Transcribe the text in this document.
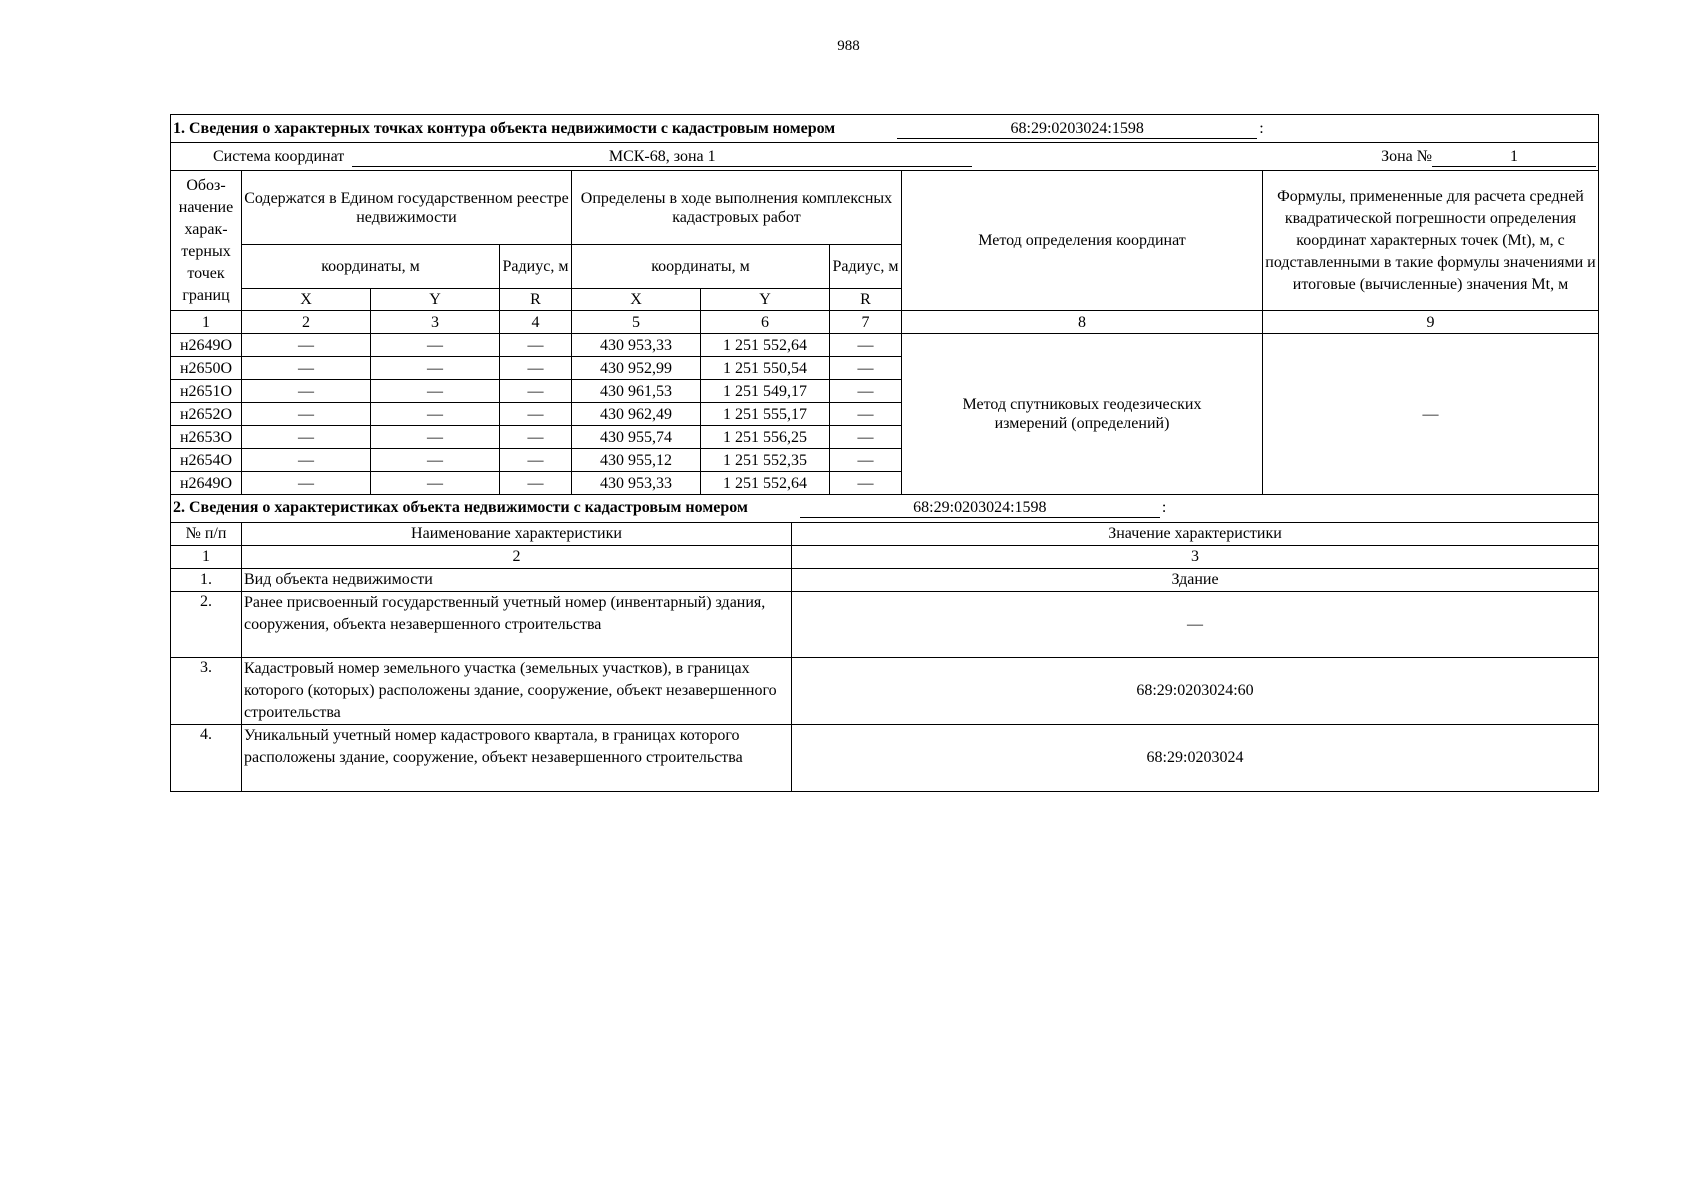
988
1. Сведения о характерных точках контура объекта недвижимости с кадастровым номером 68:29:0203024:1598 :								
Система координат МСК-68, зона 1 Зона № 1								

Обоз-начение харак-терных точек границ	Содержатся в Едином государственном реестре недвижимости			Определены в ходе выполнения комплексных кадастровых работ			Метод определения координат	Формулы, примененные для расчета средней квадратической погрешности определения координат характерных точек (Mt), м, с подставленными в такие формулы значениями и итоговые (вычисленные) значения Mt, м
	координаты, м		Радиус, м	координаты, м		Радиус, м		
	X	Y	R	X	Y	R		
1	2	3	4	5	6	7	8	9
н2649О	—	—	—	430 953,33	1 251 552,64	—	Метод спутниковых геодезических измерений (определений)	—
н2650О	—	—	—	430 952,99	1 251 550,54	—		
н2651О	—	—	—	430 961,53	1 251 549,17	—		
н2652О	—	—	—	430 962,49	1 251 555,17	—		
н2653О	—	—	—	430 955,74	1 251 556,25	—		
н2654О	—	—	—	430 955,12	1 251 552,35	—		
н2649О	—	—	—	430 953,33	1 251 552,64	—		
2. Сведения о характеристиках объекта недвижимости с кадастровым номером 68:29:0203024:1598 :		
№ п/п	Наименование характеристики	Значение характеристики
1	2	3
1.	Вид объекта недвижимости	Здание
2.	Ранее присвоенный государственный учетный номер (инвентарный) здания, сооружения, объекта незавершенного строительства	—
3.	Кадастровый номер земельного участка (земельных участков), в границах которого (которых) расположены здание, сооружение, объект незавершенного строительства	68:29:0203024:60
4.	Уникальный учетный номер кадастрового квартала, в границах которого расположены здание, сооружение, объект незавершенного строительства	68:29:0203024
